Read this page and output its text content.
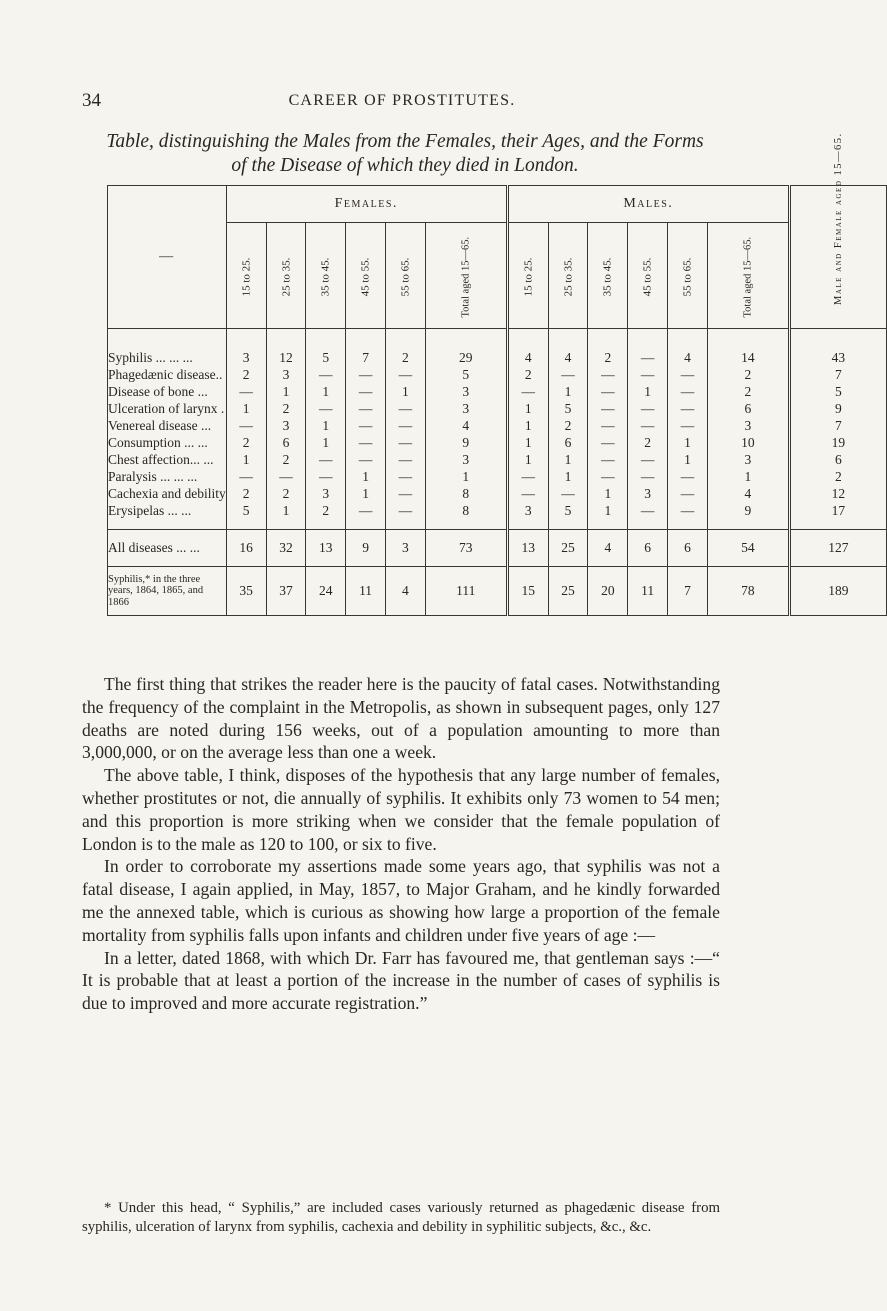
34	CAREER OF PROSTITUTES.
Table, distinguishing the Males from the Females, their Ages, and the Forms of the Disease of which they died in London.
—	Females.						Males.						Male and Female aged 15—65.
	15 to 25.	25 to 35.	35 to 45.	45 to 55.	55 to 65.	Total aged 15—65.	15 to 25.	25 to 35.	35 to 45.	45 to 55.	55 to 65.	Total aged 15—65.	

Syphilis ... ... ...	3	12	5	7	2	29	4	4	2	—	4	14	43
Phagedænic disease..	2	3	—	—	—	5	2	—	—	—	—	2	7
Disease of bone ...	—	1	1	—	1	3	—	1	—	1	—	2	5
Ulceration of larynx .	1	2	—	—	—	3	1	5	—	—	—	6	9
Venereal disease ...	—	3	1	—	—	4	1	2	—	—	—	3	7
Consumption ... ...	2	6	1	—	—	9	1	6	—	2	1	10	19
Chest affection... ...	1	2	—	—	—	3	1	1	—	—	1	3	6
Paralysis ... ... ...	—	—	—	1	—	1	—	1	—	—	—	1	2
Cachexia and debility	2	2	3	1	—	8	—	—	1	3	—	4	12
Erysipelas ... ...	5	1	2	—	—	8	3	5	1	—	—	9	17

All diseases ... ...	16	32	13	9	3	73	13	25	4	6	6	54	127
Syphilis,* in the three years, 1864, 1865, and 1866	35	37	24	11	4	111	15	25	20	11	7	78	189

The first thing that strikes the reader here is the paucity of fatal cases. Notwithstanding the frequency of the complaint in the Metropolis, as shown in subsequent pages, only 127 deaths are noted during 156 weeks, out of a population amounting to more than 3,000,000, or on the average less than one a week.

The above table, I think, disposes of the hypothesis that any large number of females, whether prostitutes or not, die annually of syphilis. It exhibits only 73 women to 54 men; and this proportion is more striking when we consider that the female population of London is to the male as 120 to 100, or six to five.

In order to corroborate my assertions made some years ago, that syphilis was not a fatal disease, I again applied, in May, 1857, to Major Graham, and he kindly forwarded me the annexed table, which is curious as showing how large a proportion of the female mortality from syphilis falls upon infants and children under five years of age :—

In a letter, dated 1868, with which Dr. Farr has favoured me, that gentleman says :—“ It is probable that at least a portion of the increase in the number of cases of syphilis is due to improved and more accurate registration.”

* Under this head, “ Syphilis,” are included cases variously returned as phagedænic disease from syphilis, ulceration of larynx from syphilis, cachexia and debility in syphilitic subjects, &c., &c.
